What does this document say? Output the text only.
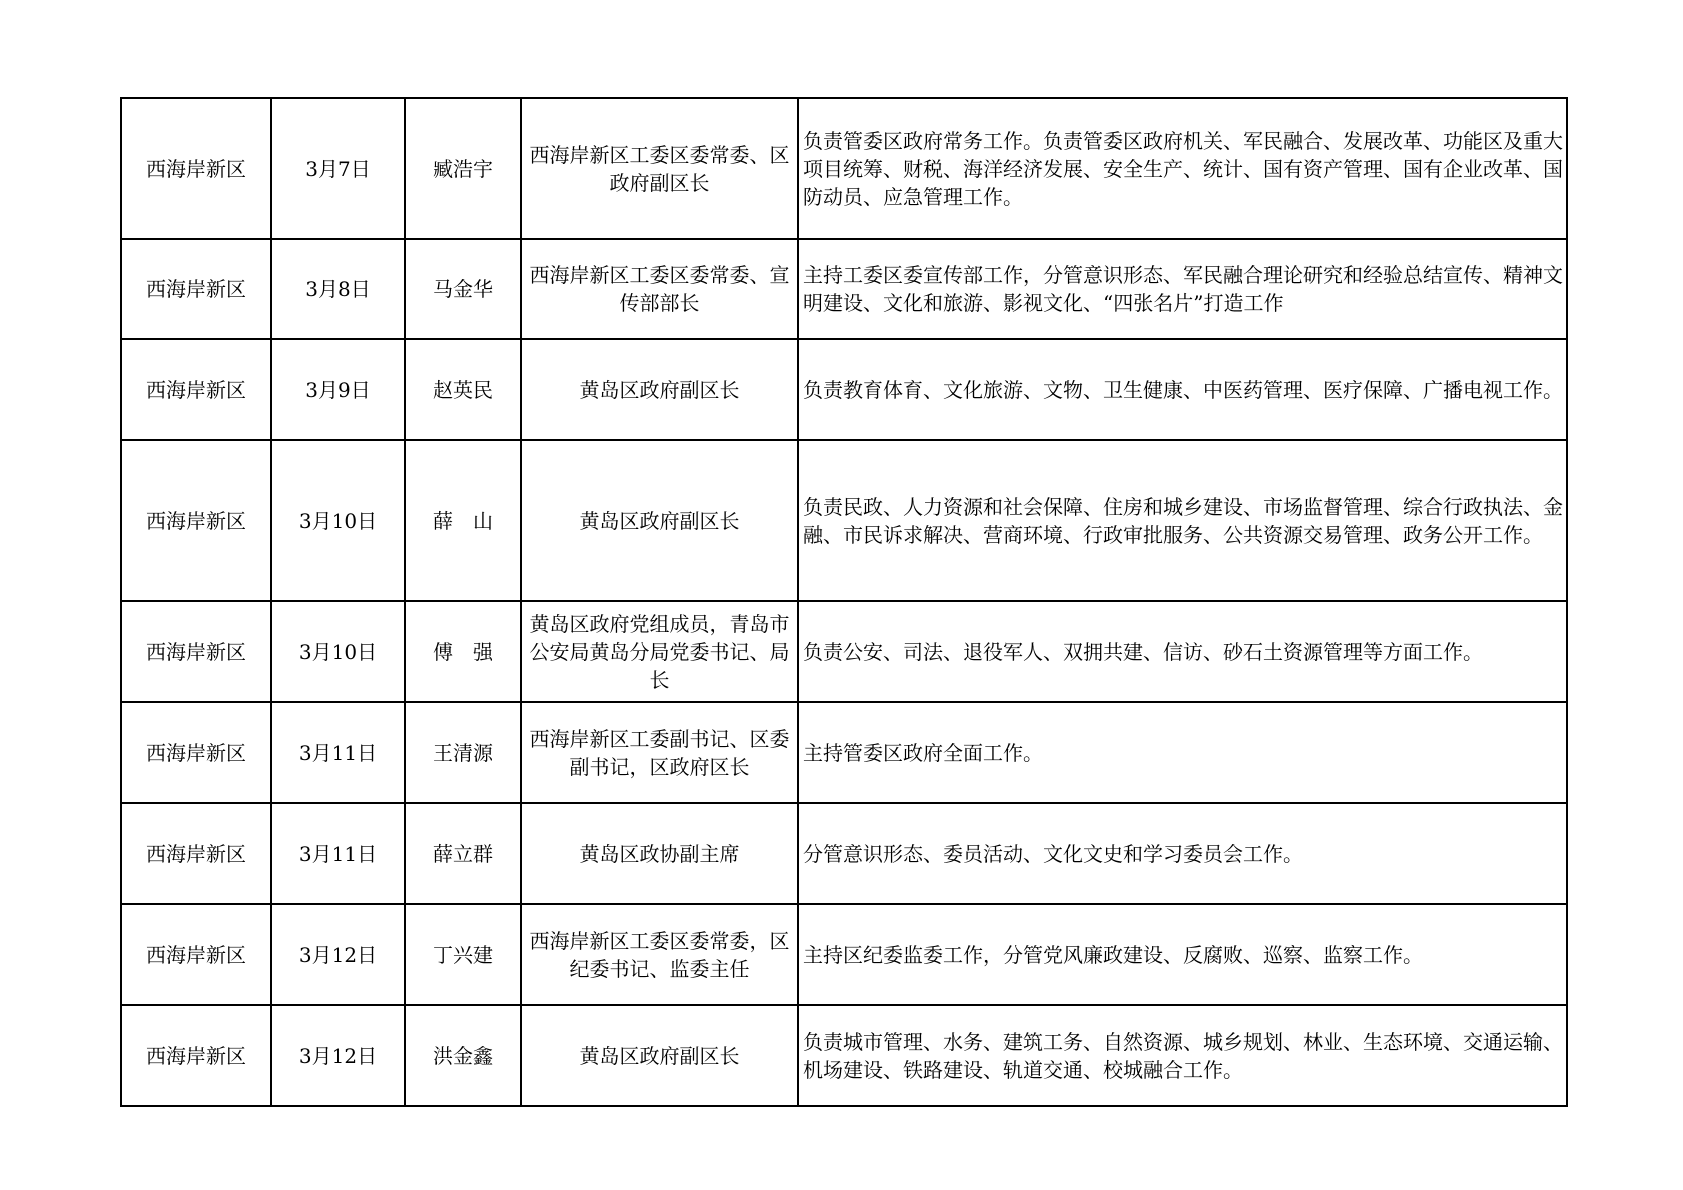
西海岸新区	3月7日	臧浩宇	西海岸新区工委区委常委、区政府副区长	负责管委区政府常务工作。负责管委区政府机关、军民融合、发展改革、功能区及重大项目统筹、财税、海洋经济发展、安全生产、统计、国有资产管理、国有企业改革、国防动员、应急管理工作。
西海岸新区	3月8日	马金华	西海岸新区工委区委常委、宣传部部长	主持工委区委宣传部工作，分管意识形态、军民融合理论研究和经验总结宣传、精神文明建设、文化和旅游、影视文化、“四张名片”打造工作
西海岸新区	3月9日	赵英民	黄岛区政府副区长	负责教育体育、文化旅游、文物、卫生健康、中医药管理、医疗保障、广播电视工作。
西海岸新区	3月10日	薛　山	黄岛区政府副区长	负责民政、人力资源和社会保障、住房和城乡建设、市场监督管理、综合行政执法、金融、市民诉求解决、营商环境、行政审批服务、公共资源交易管理、政务公开工作。
西海岸新区	3月10日	傅　强	黄岛区政府党组成员，青岛市公安局黄岛分局党委书记、局长	负责公安、司法、退役军人、双拥共建、信访、砂石土资源管理等方面工作。
西海岸新区	3月11日	王清源	西海岸新区工委副书记、区委副书记，区政府区长	主持管委区政府全面工作。
西海岸新区	3月11日	薛立群	黄岛区政协副主席	分管意识形态、委员活动、文化文史和学习委员会工作。
西海岸新区	3月12日	丁兴建	西海岸新区工委区委常委，区纪委书记、监委主任	主持区纪委监委工作，分管党风廉政建设、反腐败、巡察、监察工作。
西海岸新区	3月12日	洪金鑫	黄岛区政府副区长	负责城市管理、水务、建筑工务、自然资源、城乡规划、林业、生态环境、交通运输、机场建设、铁路建设、轨道交通、校城融合工作。
